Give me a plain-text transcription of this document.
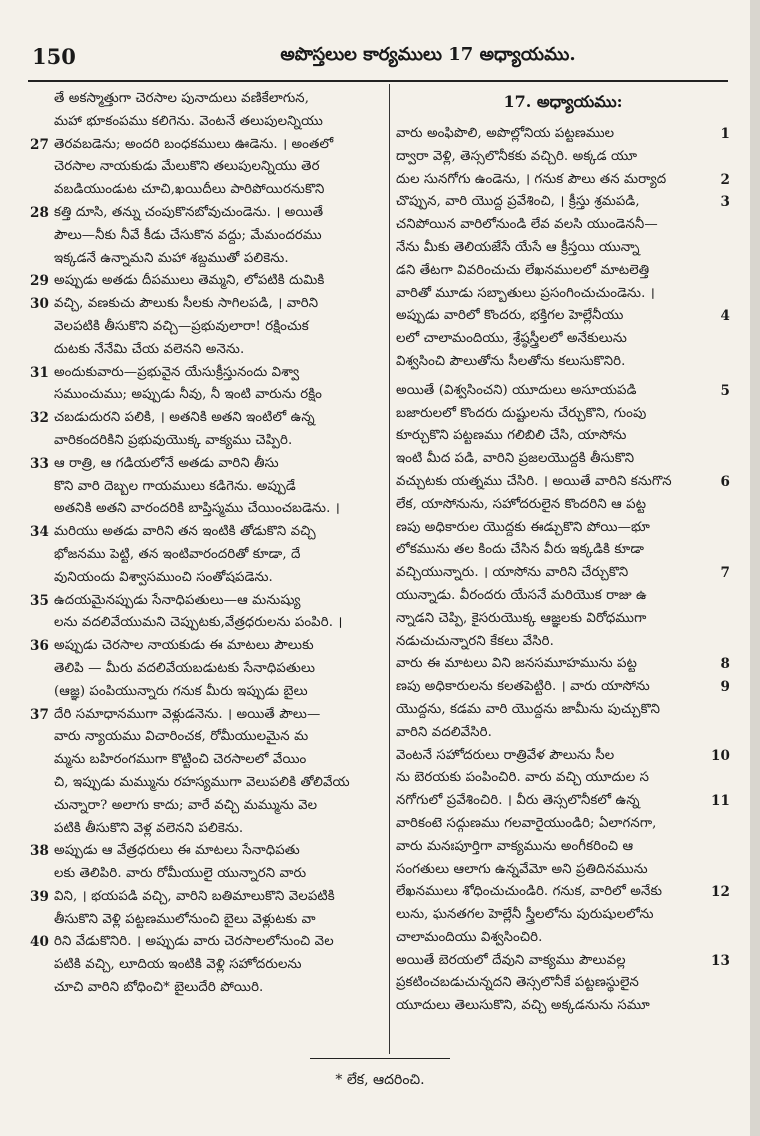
150	అపొస్తలుల కార్యములు 17 అధ్యాయము.
తే అకస్మాత్తుగా చెరసాల పునాదులు వణికేలాగున,
మహా భూకంపము కలిగెను. వెంటనే తలుపులన్నియు
27 తెరవబడెను; అందరి బంధకములు ఊడెను. । అంతలో
చెరసాల నాయకుడు మేలుకొని తలుపులన్నియు తెర
వబడియుండుట చూచి,ఖయిదీలు పారిపోయిరనుకొని
28 కత్తి దూసి, తన్ను చంపుకొనబోవుచుండెను. । అయితే
పౌలు—నీకు నీవే కీడు చేసుకొన వద్దు; మేమందరము
ఇక్కడనే ఉన్నామని మహా శబ్దముతో పలికెను.
29 అప్పుడు అతడు దీపములు తెమ్మని, లోపటికి దుమికి
30 వచ్చి, వణకుచు పౌలుకు సీలకు సాగిలపడి, । వారిని
వెలపటికి తీసుకొని వచ్చి—ప్రభువులారా! రక్షించుక
దుటకు నేనేమి చేయ వలెనని అనెను.
31 అందుకువారు—ప్రభువైన యేసుక్రీస్తునందు విశ్వా
సముంచుము; అప్పుడు నీవు, నీ ఇంటి వారును రక్షిం
32 చబడుదురని పలికి, । అతనికి అతని ఇంటిలో ఉన్న
వారికందరికిని ప్రభువుయొక్క వాక్యము చెప్పిరి.
33 ఆ రాత్రి, ఆ గడియలోనే అతడు వారిని తీసు
కొని వారి దెబ్బల గాయములు కడిగెను. అప్పుడే
అతనికి అతని వారందరికి బాప్తిస్మము చేయించబడెను. ।
34 మరియు అతడు వారిని తన ఇంటికి తోడుకొని వచ్చి
భోజనము పెట్టి, తన ఇంటివారందరితో కూడా, దే
వునియందు విశ్వాసముంచి సంతోషపడెను.
35 ఉదయమైనప్పుడు సేనాధిపతులు—ఆ మనుష్యు
లను వదలివేయుమని చెప్పుటకు,వేత్రధరులను పంపిరి. ।
36 అప్పుడు చెరసాల నాయకుడు ఈ మాటలు పౌలుకు
తెలిపి — మీరు వదలివేయబడుటకు సేనాధిపతులు
(ఆజ్ఞ) పంపియున్నారు గనుక మీరు ఇప్పుడు బైలు
37 దేరి సమాధానముగా వెళ్లుడనెను. । అయితే పౌలు—
వారు న్యాయము విచారించక, రోమీయులమైన మ
మ్మను బహిరంగముగా కొట్టించి చెరసాలలో వేయిం
చి, ఇప్పుడు మమ్మును రహస్యముగా వెలుపలికి తోలివేయ
చున్నారా? అలాగు కాదు; వారే వచ్చి మమ్మును వెల
పటికి తీసుకొని వెళ్ల వలెనని పలికెను.
38 అప్పుడు ఆ వేత్రధరులు ఈ మాటలు సేనాధిపతు
లకు తెలిపిరి. వారు రోమీయులై యున్నారని వారు
39 విని, । భయపడి వచ్చి, వారిని బతిమాలుకొని వెలపటికి
తీసుకొని వెళ్లి పట్టణములోనుంచి బైలు వెళ్లుటకు వా
40 రిని వేడుకొనిరి. । అప్పుడు వారు చెరసాలలోనుంచి వెల
పటికి వచ్చి, లూదియ ఇంటికి వెళ్లి సహోదరులను
చూచి వారిని బోధించి* బైలుదేరి పోయిరి.
17. అధ్యాయము:
1
వారు అంఫిపొలి, అపొల్లోనియ పట్టణముల
ద్వారా వెళ్లి, తెస్సలొనీకకు వచ్చిరి. అక్కడ యూ
2
దుల సునగోగు ఉండెను, । గనుక పౌలు తన మర్యాద
3
చొప్పున, వారి యొద్ద ప్రవేశించి, । క్రీస్తు శ్రమపడి,
చనిపోయిన వారిలోనుండి లేవ వలసి యుండెననీ—
నేను మీకు తెలియజేసే యేసే ఆ క్రీస్తయి యున్నా
డని తేటగా వివరించుచు లేఖనములలో మాటలెత్తి
వారితో మూడు సబ్బాతులు ప్రసంగించుచుండెను. ।
4
అప్పుడు వారిలో కొందరు, భక్తిగల హెల్లేనీయు
లలో చాలామందియు, శ్రేష్ఠస్త్రీలలో అనేకులును
విశ్వసించి పౌలుతోను సీలతోను కలుసుకొనిరి.
5
అయితే (విశ్వసించని) యూదులు అసూయపడి
బజారులలో కొందరు దుష్టులను చేర్చుకొని, గుంపు
కూర్చుకొని పట్టణము గలిబిలి చేసి, యాసోను
ఇంటి మీద పడి, వారిని ప్రజలయొద్దకి తీసుకొని
6
వచ్చుటకు యత్నము చేసిరి. । అయితే వారిని కనుగొన
లేక, యాసోనును, సహోదరులైన కొందరిని ఆ పట్ట
ణపు అధికారుల యొద్దకు ఈడ్చుకొని పోయి—భూ
లోకమును తల కిందు చేసిన వీరు ఇక్కడికి కూడా
7
వచ్చియున్నారు. । యాసోను వారిని చేర్చుకొని
యున్నాడు. వీరందరు యేసనే మరియొక రాజు ఉ
న్నాడని చెప్పి, కైసరుయొక్క ఆజ్ఞలకు విరోధముగా
నడుచుచున్నారని కేకలు వేసిరి.
8
వారు ఈ మాటలు విని జనసమూహమును పట్ట
9
ణపు అధికారులను కలతపెట్టిరి. । వారు యాసోను
యొద్దను, కడమ వారి యొద్దను జామీను పుచ్చుకొని
వారిని వదలివేసిరి.
10
వెంటనే సహోదరులు రాత్రివేళ పౌలును సీల
ను బెరయకు పంపించిరి. వారు వచ్చి యూదుల స
11
నగోగులో ప్రవేశించిరి. । వీరు తెస్సలొనీకలో ఉన్న
వారికంటె సద్గుణము గలవారైయుండిరి; ఏలాగనగా,
వారు మనఃపూర్తిగా వాక్యమును అంగీకరించి ఆ
సంగతులు ఆలాగు ఉన్నవేమో అని ప్రతిదినమును
12
లేఖనములు శోధించుచుండిరి. గనుక, వారిలో అనేకు
లును, ఘనతగల హెల్లేనీ స్త్రీలలోను పురుషులలోను
చాలామందియు విశ్వసించిరి.
13
అయితే బెరయలో దేవుని వాక్యము పౌలువల్ల
ప్రకటించబడుచున్నదని తెస్సలొనీకే పట్టణస్థులైన
యూదులు తెలుసుకొని, వచ్చి అక్కడనును సమూ
* లేక, ఆదరించి.
